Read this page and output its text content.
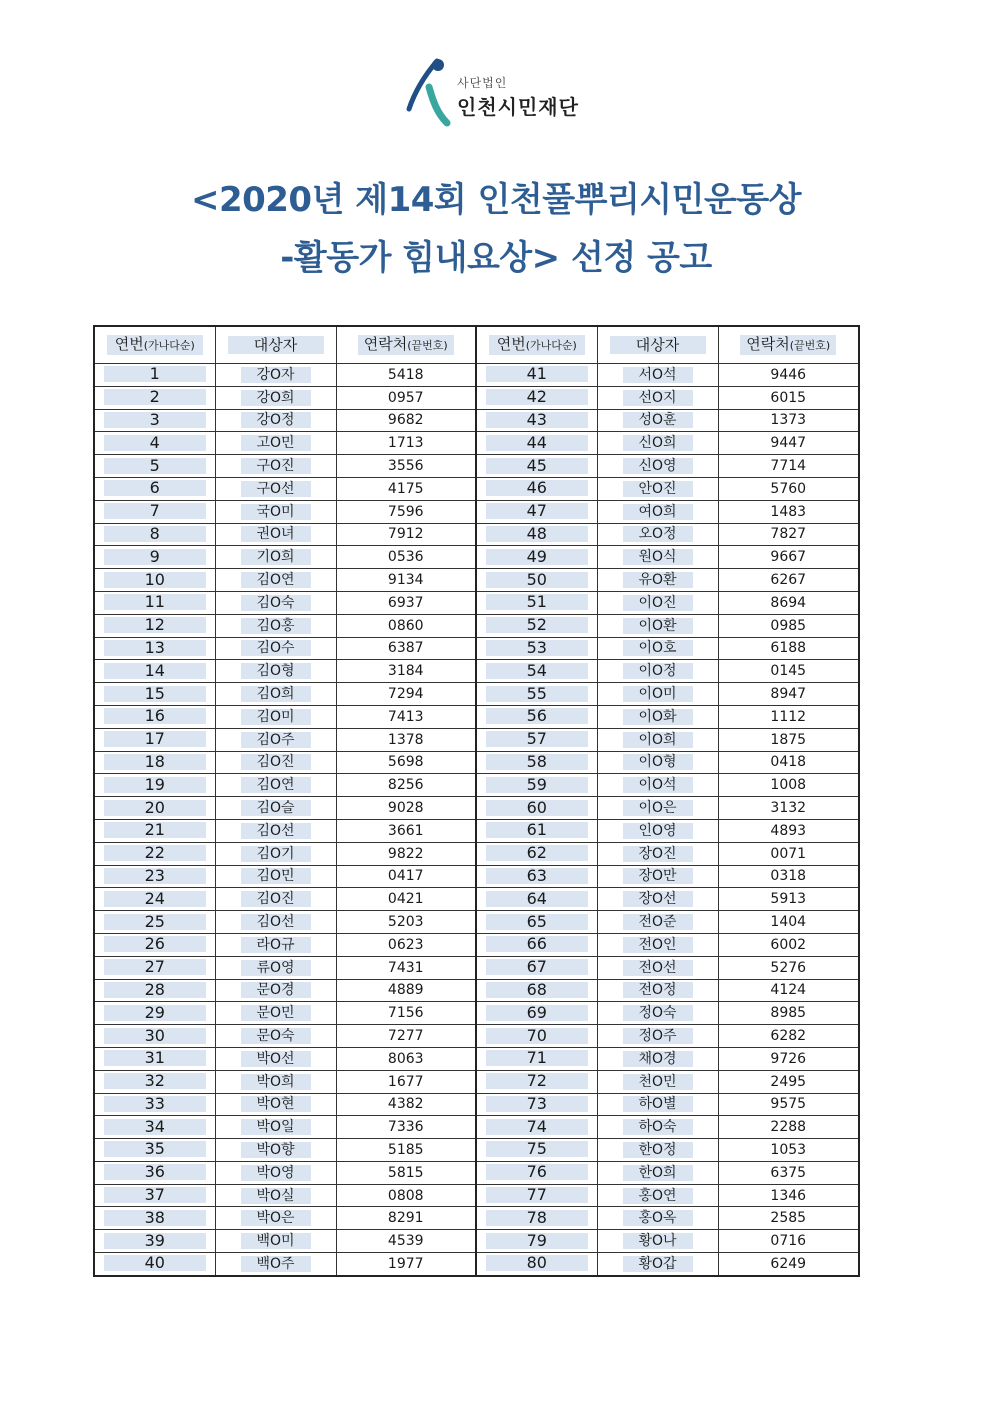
사단법인
인천시민재단
<2020년 제14회 인천풀뿌리시민운동상
-활동가 힘내요상> 선정 공고
연번(가나다순)	대상자	연락처(끝번호)	연번(가나다순)	대상자	연락처(끝번호)
1	강O자	5418	41	서O석	9446
2	강O희	0957	42	선O지	6015
3	강O정	9682	43	성O훈	1373
4	고O민	1713	44	신O희	9447
5	구O진	3556	45	신O영	7714
6	구O선	4175	46	안O진	5760
7	국O미	7596	47	여O희	1483
8	권O녀	7912	48	오O정	7827
9	기O희	0536	49	원O식	9667
10	김O연	9134	50	유O환	6267
11	김O숙	6937	51	이O진	8694
12	김O홍	0860	52	이O환	0985
13	김O수	6387	53	이O호	6188
14	김O형	3184	54	이O정	0145
15	김O희	7294	55	이O미	8947
16	김O미	7413	56	이O화	1112
17	김O주	1378	57	이O희	1875
18	김O진	5698	58	이O형	0418
19	김O연	8256	59	이O석	1008
20	김O슬	9028	60	이O은	3132
21	김O선	3661	61	인O영	4893
22	김O기	9822	62	장O진	0071
23	김O민	0417	63	장O만	0318
24	김O진	0421	64	장O선	5913
25	김O선	5203	65	전O준	1404
26	라O규	0623	66	전O인	6002
27	류O영	7431	67	전O선	5276
28	문O경	4889	68	전O정	4124
29	문O민	7156	69	정O숙	8985
30	문O숙	7277	70	정O주	6282
31	박O선	8063	71	채O경	9726
32	박O희	1677	72	천O민	2495
33	박O현	4382	73	하O별	9575
34	박O일	7336	74	하O숙	2288
35	박O향	5185	75	한O정	1053
36	박O영	5815	76	한O희	6375
37	박O실	0808	77	홍O연	1346
38	박O은	8291	78	홍O옥	2585
39	백O미	4539	79	황O나	0716
40	백O주	1977	80	황O갑	6249
